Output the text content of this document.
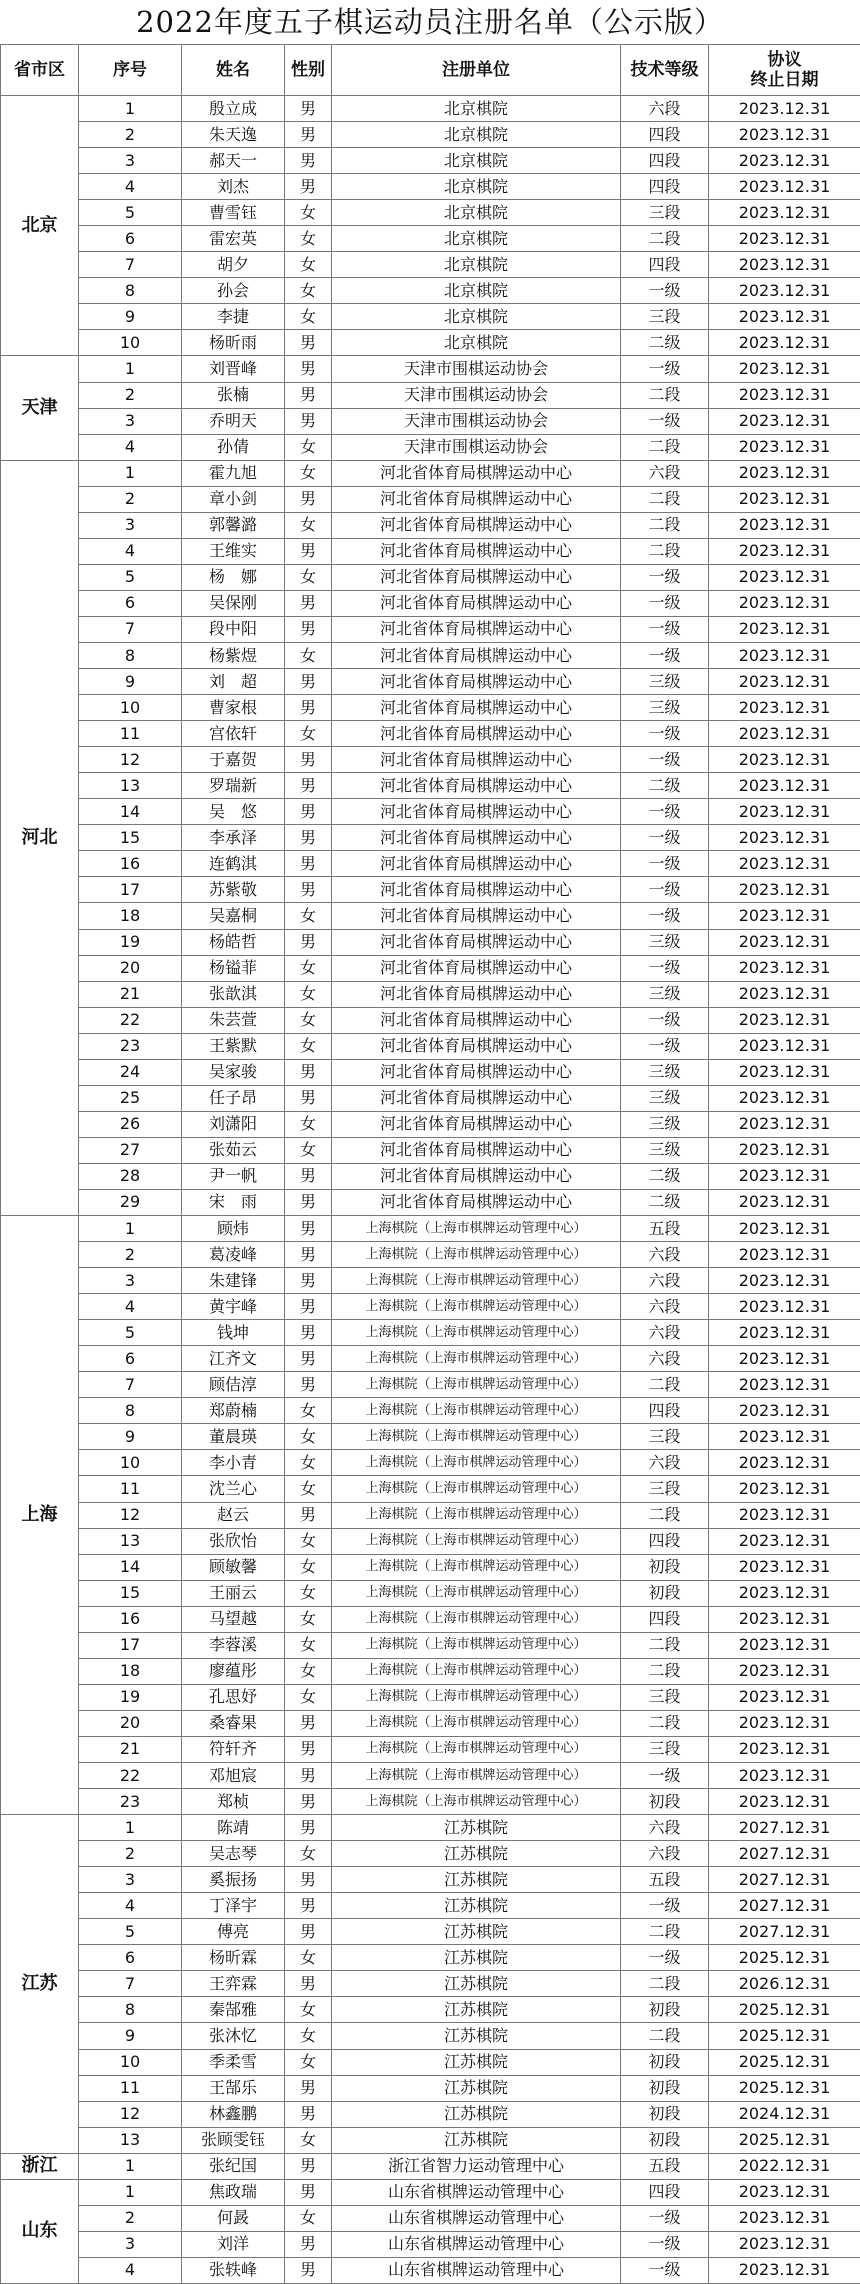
2022年度五子棋运动员注册名单（公示版）
省市区	序号	姓名	性别	注册单位	技术等级	协议
终止日期
北京	1	殷立成	男	北京棋院	六段	2023.12.31
	2	朱天逸	男	北京棋院	四段	2023.12.31
	3	郝天一	男	北京棋院	四段	2023.12.31
	4	刘杰	男	北京棋院	四段	2023.12.31
	5	曹雪钰	女	北京棋院	三段	2023.12.31
	6	雷宏英	女	北京棋院	二段	2023.12.31
	7	胡夕	女	北京棋院	四段	2023.12.31
	8	孙会	女	北京棋院	一级	2023.12.31
	9	李捷	女	北京棋院	三段	2023.12.31
	10	杨昕雨	男	北京棋院	二级	2023.12.31
天津	1	刘晋峰	男	天津市围棋运动协会	一级	2023.12.31
	2	张楠	男	天津市围棋运动协会	二段	2023.12.31
	3	乔明天	男	天津市围棋运动协会	一级	2023.12.31
	4	孙倩	女	天津市围棋运动协会	二段	2023.12.31
河北	1	霍九旭	女	河北省体育局棋牌运动中心	六段	2023.12.31
	2	章小剑	男	河北省体育局棋牌运动中心	二段	2023.12.31
	3	郭馨潞	女	河北省体育局棋牌运动中心	二段	2023.12.31
	4	王维实	男	河北省体育局棋牌运动中心	二段	2023.12.31
	5	杨　娜	女	河北省体育局棋牌运动中心	一级	2023.12.31
	6	吴保刚	男	河北省体育局棋牌运动中心	一级	2023.12.31
	7	段中阳	男	河北省体育局棋牌运动中心	一级	2023.12.31
	8	杨紫煜	女	河北省体育局棋牌运动中心	一级	2023.12.31
	9	刘　超	男	河北省体育局棋牌运动中心	三级	2023.12.31
	10	曹家根	男	河北省体育局棋牌运动中心	三级	2023.12.31
	11	宫依轩	女	河北省体育局棋牌运动中心	一级	2023.12.31
	12	于嘉贺	男	河北省体育局棋牌运动中心	一级	2023.12.31
	13	罗瑞新	男	河北省体育局棋牌运动中心	二级	2023.12.31
	14	吴　悠	男	河北省体育局棋牌运动中心	一级	2023.12.31
	15	李承泽	男	河北省体育局棋牌运动中心	一级	2023.12.31
	16	连鹤淇	男	河北省体育局棋牌运动中心	一级	2023.12.31
	17	苏紫敬	男	河北省体育局棋牌运动中心	一级	2023.12.31
	18	吴嘉桐	女	河北省体育局棋牌运动中心	一级	2023.12.31
	19	杨皓哲	男	河北省体育局棋牌运动中心	三级	2023.12.31
	20	杨镒菲	女	河北省体育局棋牌运动中心	一级	2023.12.31
	21	张歆淇	女	河北省体育局棋牌运动中心	三级	2023.12.31
	22	朱芸萱	女	河北省体育局棋牌运动中心	一级	2023.12.31
	23	王紫默	女	河北省体育局棋牌运动中心	一级	2023.12.31
	24	吴家骏	男	河北省体育局棋牌运动中心	三级	2023.12.31
	25	任子昂	男	河北省体育局棋牌运动中心	三级	2023.12.31
	26	刘潇阳	女	河北省体育局棋牌运动中心	三级	2023.12.31
	27	张茹云	女	河北省体育局棋牌运动中心	三级	2023.12.31
	28	尹一帆	男	河北省体育局棋牌运动中心	二级	2023.12.31
	29	宋　雨	男	河北省体育局棋牌运动中心	二级	2023.12.31
上海	1	顾炜	男	上海棋院（上海市棋牌运动管理中心）	五段	2023.12.31
	2	葛凌峰	男	上海棋院（上海市棋牌运动管理中心）	六段	2023.12.31
	3	朱建锋	男	上海棋院（上海市棋牌运动管理中心）	六段	2023.12.31
	4	黄宇峰	男	上海棋院（上海市棋牌运动管理中心）	六段	2023.12.31
	5	钱坤	男	上海棋院（上海市棋牌运动管理中心）	六段	2023.12.31
	6	江齐文	男	上海棋院（上海市棋牌运动管理中心）	六段	2023.12.31
	7	顾佶淳	男	上海棋院（上海市棋牌运动管理中心）	二段	2023.12.31
	8	郑蔚楠	女	上海棋院（上海市棋牌运动管理中心）	四段	2023.12.31
	9	董晨瑛	女	上海棋院（上海市棋牌运动管理中心）	三段	2023.12.31
	10	李小青	女	上海棋院（上海市棋牌运动管理中心）	六段	2023.12.31
	11	沈兰心	女	上海棋院（上海市棋牌运动管理中心）	三段	2023.12.31
	12	赵云	男	上海棋院（上海市棋牌运动管理中心）	二段	2023.12.31
	13	张欣怡	女	上海棋院（上海市棋牌运动管理中心）	四段	2023.12.31
	14	顾敏馨	女	上海棋院（上海市棋牌运动管理中心）	初段	2023.12.31
	15	王丽云	女	上海棋院（上海市棋牌运动管理中心）	初段	2023.12.31
	16	马望越	女	上海棋院（上海市棋牌运动管理中心）	四段	2023.12.31
	17	李蓉溪	女	上海棋院（上海市棋牌运动管理中心）	二段	2023.12.31
	18	廖蕴彤	女	上海棋院（上海市棋牌运动管理中心）	二段	2023.12.31
	19	孔思妤	女	上海棋院（上海市棋牌运动管理中心）	三段	2023.12.31
	20	桑睿果	男	上海棋院（上海市棋牌运动管理中心）	二段	2023.12.31
	21	符轩齐	男	上海棋院（上海市棋牌运动管理中心）	三段	2023.12.31
	22	邓旭宸	男	上海棋院（上海市棋牌运动管理中心）	一级	2023.12.31
	23	郑桢	男	上海棋院（上海市棋牌运动管理中心）	初段	2023.12.31
江苏	1	陈靖	男	江苏棋院	六段	2027.12.31
	2	吴志琴	女	江苏棋院	六段	2027.12.31
	3	奚振扬	男	江苏棋院	五段	2027.12.31
	4	丁泽宇	男	江苏棋院	一级	2027.12.31
	5	傅亮	男	江苏棋院	二段	2027.12.31
	6	杨昕霖	女	江苏棋院	一级	2025.12.31
	7	王弈霖	男	江苏棋院	二段	2026.12.31
	8	秦郜雅	女	江苏棋院	初段	2025.12.31
	9	张沐忆	女	江苏棋院	二段	2025.12.31
	10	季柔雪	女	江苏棋院	初段	2025.12.31
	11	王郜乐	男	江苏棋院	初段	2025.12.31
	12	林鑫鹏	男	江苏棋院	初段	2024.12.31
	13	张顾雯钰	女	江苏棋院	初段	2025.12.31
浙江	1	张纪国	男	浙江省智力运动管理中心	五段	2022.12.31
山东	1	焦政瑞	男	山东省棋牌运动管理中心	四段	2023.12.31
	2	何晸	女	山东省棋牌运动管理中心	一级	2023.12.31
	3	刘洋	男	山东省棋牌运动管理中心	一级	2023.12.31
	4	张轶峰	男	山东省棋牌运动管理中心	一级	2023.12.31
